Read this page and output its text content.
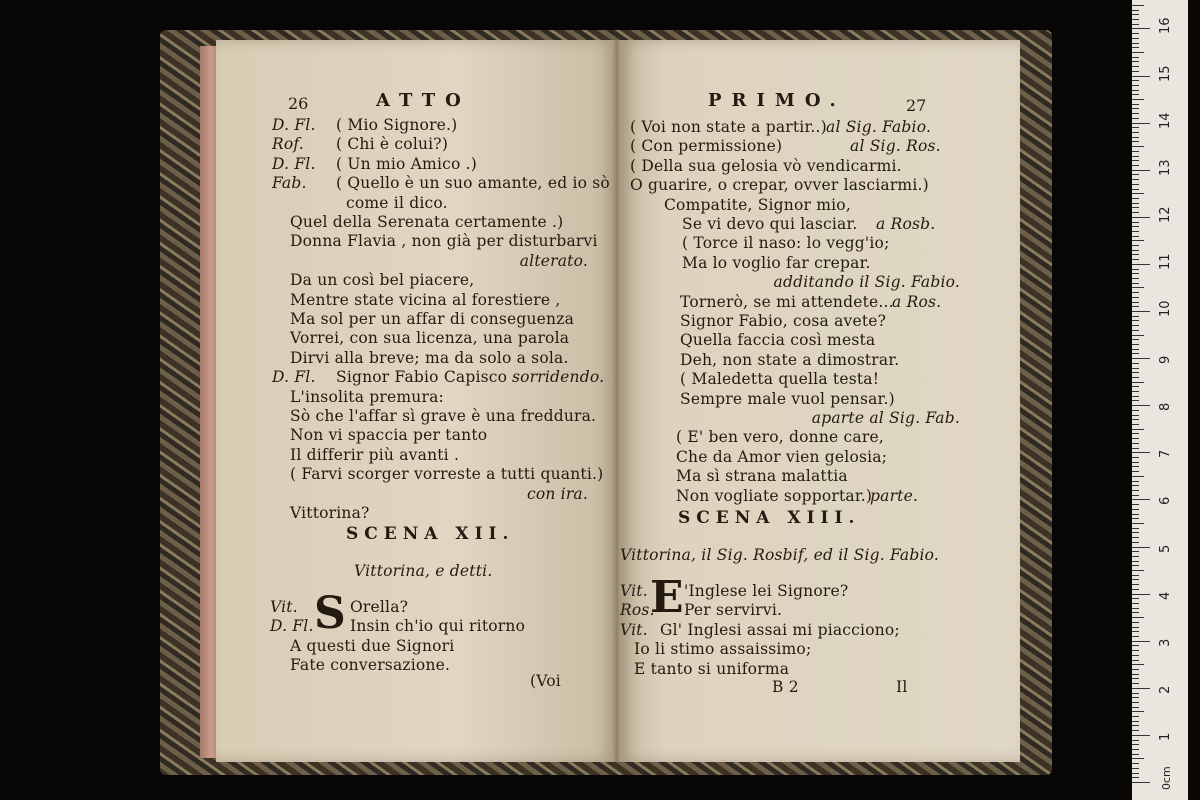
26	ATTO
D. Fl. ( Mio Signore.)
Rof. ( Chi è colui?)
D. Fl. ( Un mio Amico .)
Fab. ( Quello è un suo amante, ed io sò
come il dico.
Quel della Serenata certamente .)
Donna Flavia , non già per disturbarvi
alterato.
Da un così bel piacere,
Mentre state vicina al forestiere ,
Ma sol per un affar di conseguenza
Vorrei, con sua licenza, una parola
Dirvi alla breve; ma da solo a sola.
D. Fl. Signor Fabio Capisco sorridendo.
L'insolita premura:
Sò che l'affar sì grave è una freddura.
Non vi spaccia per tanto
Il differir più avanti .
( Farvi scorger vorreste a tutti quanti.)
con ira.
Vittorina?
SCENA XII.
Vittorina, e detti.
S
Vit.	Orella?
D. Fl. Insin ch'io qui ritorno
A questi due Signori
Fate conversazione.
(Voi
PRIMO.	27
( Voi non state a partir..) al Sig. Fabio.
( Con permissione)	al Sig. Ros.
( Della sua gelosia vò vendicarmi.
O guarire, o crepar, ovver lasciarmi.)
Compatite, Signor mio,
Se vi devo qui lasciar. a Rosb.
( Torce il naso: lo vegg'io;
Ma lo voglio far crepar.
additando il Sig. Fabio.
Tornerò, se mi attendete...
a Ros.
Signor Fabio, cosa avete?
Quella faccia così mesta
Deh, non state a dimostrar.
( Maledetta quella testa!
Sempre male vuol pensar.)
aparte al Sig. Fab.
( E' ben vero, donne care,
Che da Amor vien gelosia;
Ma sì strana malattia
Non vogliate sopportar.)
parte.
SCENA XIII.
Vittorina, il Sig. Rosbif, ed il Sig. Fabio.
E
Vit. 'Inglese lei Signore?
Ros. Per servirvi.
Vit. Gl' Inglesi assai mi piacciono;
Io li stimo assaissimo;
E tanto si uniforma
B 2	Il
0cm
1
2
3
4
5
6
7
8
9
10
11
12
13
14
15
16
